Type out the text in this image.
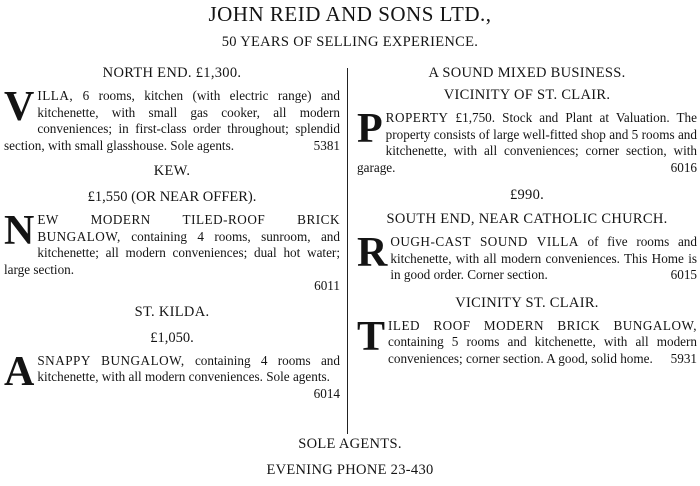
JOHN REID AND SONS LTD.,
50 YEARS OF SELLING EXPERIENCE.
NORTH END. £1,300.
VILLA, 6 rooms, kitchen (with electric range) and kitchenette, with small gas cooker, all modern conveniences; in first-class order throughout; splendid section, with small glasshouse. Sole agents.	5381
KEW.
£1,550 (OR NEAR OFFER).
NEW MODERN TILED-ROOF BRICK BUNGALOW, containing 4 rooms, sunroom, and kitchenette; all modern conveniences; dual hot water; large section.
6011
ST. KILDA.
£1,050.
A SNAPPY BUNGALOW, containing 4 rooms and kitchenette, with all modern conveniences. Sole agents.
6014
A SOUND MIXED BUSINESS.
VICINITY OF ST. CLAIR.
PROPERTY £1,750. Stock and Plant at Valuation. The property consists of large well-fitted shop and 5 rooms and kitchenette, with all conveniences; corner section, with garage.	6016
£990.
SOUTH END, NEAR CATHOLIC CHURCH.
ROUGH-CAST SOUND VILLA of five rooms and kitchenette, with all modern conveniences. This Home is in good order. Corner section.	6015
VICINITY ST. CLAIR.
TILED ROOF MODERN BRICK BUNGALOW, containing 5 rooms and kitchenette, with all modern conveniences; corner section. A good, solid home. 5931
SOLE AGENTS.
EVENING PHONE 23-430
